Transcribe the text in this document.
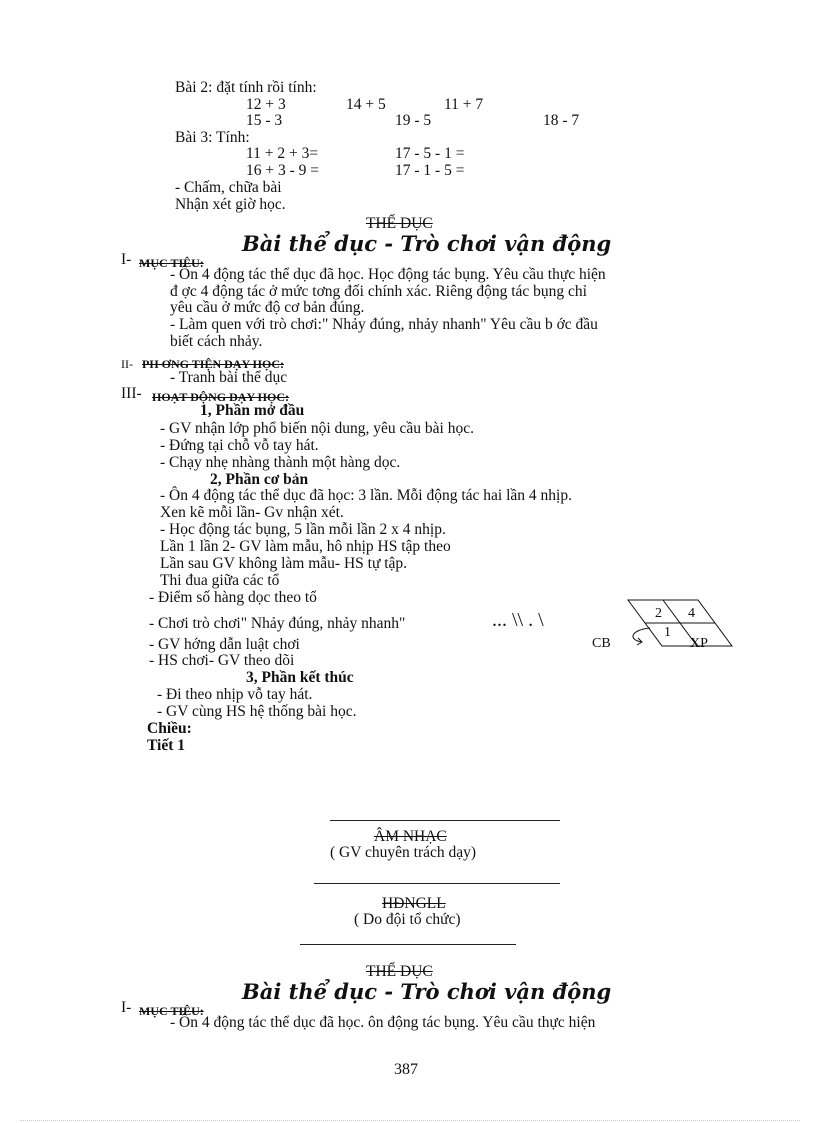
Bài 2: đặt tính rồi tính:
12 + 3	14 + 5	11 + 7
15 - 3	19 - 5	18 - 7
Bài 3: Tính:
11 + 2 + 3=	17 - 5 - 1 =
16 + 3 - 9 =	17 - 1 - 5 =
- Chấm, chữa bài
Nhận xét giờ học.
THỂ DỤC
Bài thể dục - Trò chơi vận động
I- MỤC TIÊU:
- Ôn 4 động tác thể dục đã học. Học động tác bụng. Yêu cầu thực hiện
đ ợc 4 động tác ở mức tơng đối chính xác. Riêng động tác bụng chỉ
yêu cầu ở mức độ cơ bản đúng.
- Làm quen với trò chơi:" Nhảy đúng, nhảy nhanh" Yêu cầu b ớc đầu
biết cách nhảy.
II- PH ƠNG TIỆN DẠY HỌC:
- Tranh bài thể dục
III- HOẠT ĐỘNG DẠY HỌC:
1, Phần mở đầu
- GV nhận lớp phổ biến nội dung, yêu cầu bài học.
- Đứng tại chỗ vỗ tay hát.
- Chạy nhẹ nhàng thành một hàng dọc.
2, Phần cơ bản
- Ôn 4 động tác thể dục đã học: 3 lần. Mỗi động tác hai lần 4 nhịp.
Xen kẽ mỗi lần- Gv nhận xét.
- Học động tác bụng, 5 lần mỗi lần 2 x 4 nhịp.
Lần 1 lần 2- GV làm mẫu, hô nhịp HS tập theo
Lần sau GV không làm mẫu- HS tự tập.
Thi đua giữa các tổ
- Điểm số hàng dọc theo tổ
- Chơi trò chơi" Nhảy đúng, nhảy nhanh"
- GV hớng dẫn luật chơi
- HS chơi- GV theo dõi
... \\ . \
CB
2 4
1
XP
3, Phần kết thúc
- Đi theo nhịp vỗ tay hát.
- GV cùng HS hệ thống bài học.
Chiều:
Tiết 1
ÂM NHẠC
( GV chuyên trách dạy)
HĐNGLL
( Do đội tổ chức)
THỂ DỤC
Bài thể dục - Trò chơi vận động
I- MỤC TIÊU:
- Ôn 4 động tác thể dục đã học. ôn động tác bụng. Yêu cầu thực hiện
387
